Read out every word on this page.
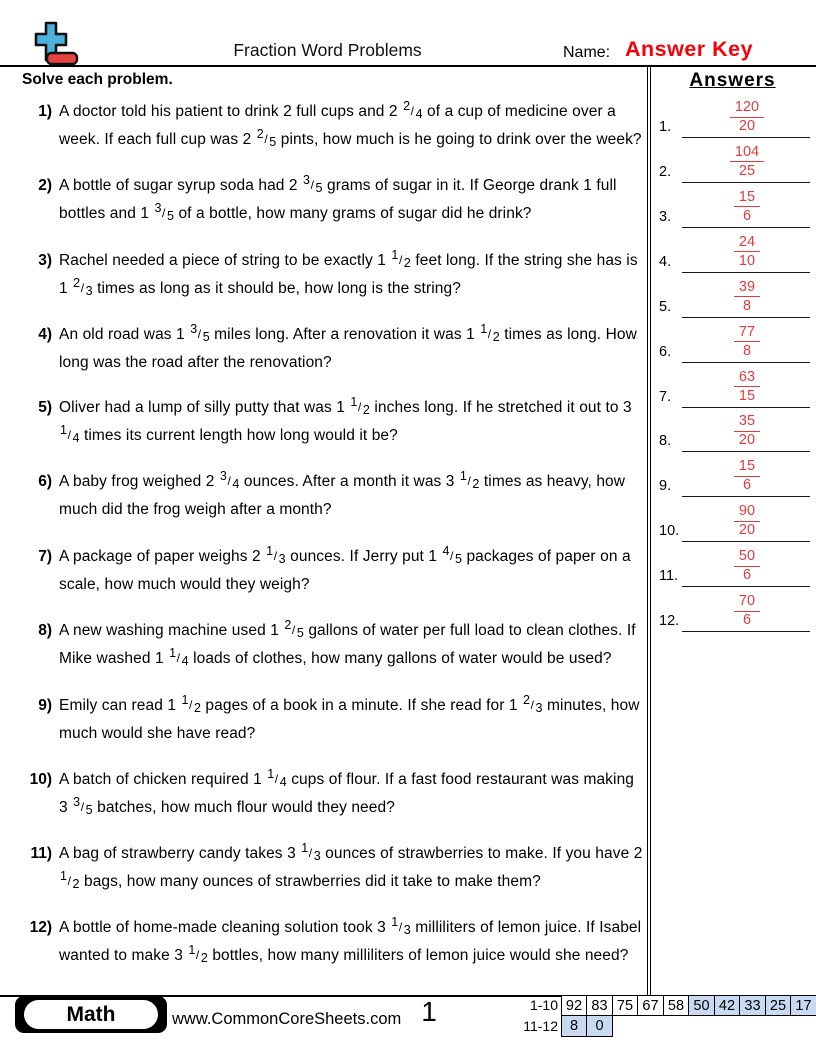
Fraction Word Problems	Name: Answer Key
Solve each problem.	Answers
1) A doctor told his patient to drink 2 full cups and 2 $^2$/ 4 of a cup of medicine over a week. If each full cup was 2 $^2$/ 5 pints, how much is he going to drink over the week?
2) A bottle of sugar syrup soda had 2 $^3$/ 5 grams of sugar in it. If George drank 1 full bottles and 1 $^3$/ 5 of a bottle, how many grams of sugar did he drink?
3) Rachel needed a piece of string to be exactly 1 $^1$/ 2 feet long. If the string she has is 1 $^2$/ 3 times as long as it should be, how long is the string?
4) An old road was 1 $^3$/ 5 miles long. After a renovation it was 1 $^1$/ 2 times as long. How long was the road after the renovation?
5) Oliver had a lump of silly putty that was 1 $^1$/ 2 inches long. If he stretched it out to 3 $^1$/ 4 times its current length how long would it be?
6) A baby frog weighed 2 $^3$/ 4 ounces. After a month it was 3 $^1$/ 2 times as heavy, how much did the frog weigh after a month?
7) A package of paper weighs 2 $^1$/ 3 ounces. If Jerry put 1 $^4$/ 5 packages of paper on a scale, how much would they weigh?
8) A new washing machine used 1 $^2$/ 5 gallons of water per full load to clean clothes. If Mike washed 1 $^1$/ 4 loads of clothes, how many gallons of water would be used?
9) Emily can read 1 $^1$/ 2 pages of a book in a minute. If she read for 1 $^2$/ 3 minutes, how much would she have read?
10) A batch of chicken required 1 $^1$/ 4 cups of flour. If a fast food restaurant was making 3 $^3$/ 5 batches, how much flour would they need?
11) A bag of strawberry candy takes 3 $^1$/ 3 ounces of strawberries to make. If you have 2 $^1$/ 2 bags, how many ounces of strawberries did it take to make them?
12) A bottle of home-made cleaning solution took 3 $^1$/ 3 milliliters of lemon juice. If Isabel wanted to make 3 $^1$/ 2 bottles, how many milliliters of lemon juice would she need?
1.	$\frac{120}{20}$
2.	$\frac{104}{25}$
3.	$\frac{15}{6}$
4.	$\frac{24}{10}$
5.	$\frac{39}{8}$
6.	$\frac{77}{8}$
7.	$\frac{63}{15}$
8.	$\frac{35}{20}$
9.	$\frac{15}{6}$
10.	$\frac{90}{20}$
11.	$\frac{50}{6}$
12.	$\frac{70}{6}$
Math	www.CommonCoreSheets.com 1	1-10 92 83 75 67 58 50 42 33 25 17
11-12 8	0
